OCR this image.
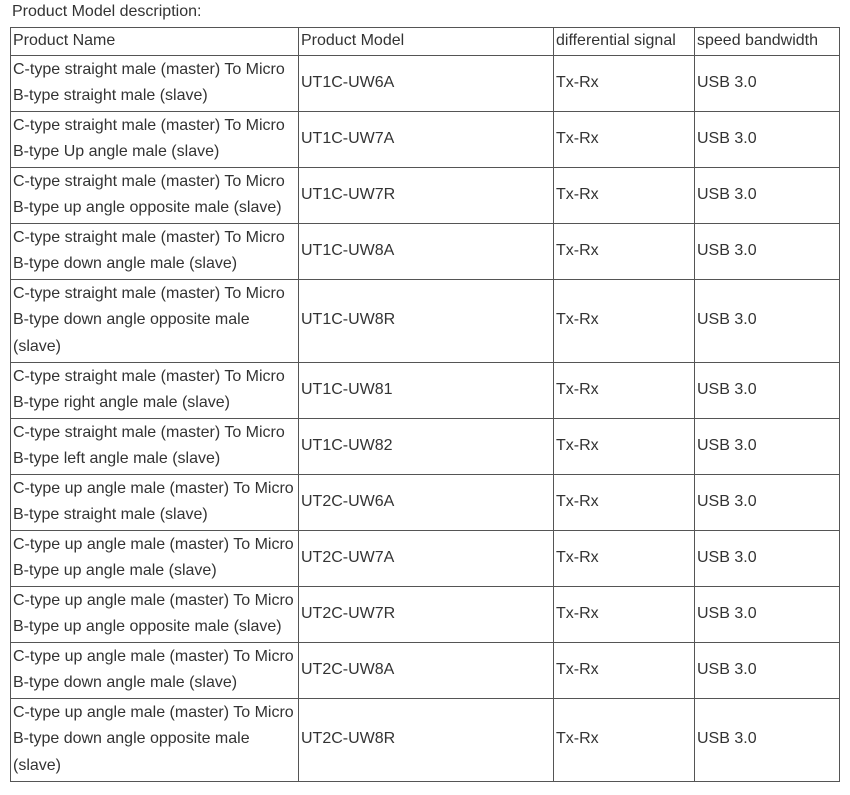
Product Model description:
Product Name	Product Model	differential signal	speed bandwidth
C-type straight male (master) To Micro B-type straight male (slave)	UT1C-UW6A	Tx-Rx	USB 3.0
C-type straight male (master) To Micro B-type Up angle male (slave)	UT1C-UW7A	Tx-Rx	USB 3.0
C-type straight male (master) To Micro B-type up angle opposite male (slave)	UT1C-UW7R	Tx-Rx	USB 3.0
C-type straight male (master) To Micro B-type down angle male (slave)	UT1C-UW8A	Tx-Rx	USB 3.0
C-type straight male (master) To Micro B-type down angle opposite male (slave)	UT1C-UW8R	Tx-Rx	USB 3.0
C-type straight male (master) To Micro B-type right angle male (slave)	UT1C-UW81	Tx-Rx	USB 3.0
C-type straight male (master) To Micro B-type left angle male (slave)	UT1C-UW82	Tx-Rx	USB 3.0
C-type up angle male (master) To Micro B-type straight male (slave)	UT2C-UW6A	Tx-Rx	USB 3.0
C-type up angle male (master) To Micro B-type up angle male (slave)	UT2C-UW7A	Tx-Rx	USB 3.0
C-type up angle male (master) To Micro B-type up angle opposite male (slave)	UT2C-UW7R	Tx-Rx	USB 3.0
C-type up angle male (master) To Micro B-type down angle male (slave)	UT2C-UW8A	Tx-Rx	USB 3.0
C-type up angle male (master) To Micro B-type down angle opposite male (slave)	UT2C-UW8R	Tx-Rx	USB 3.0
